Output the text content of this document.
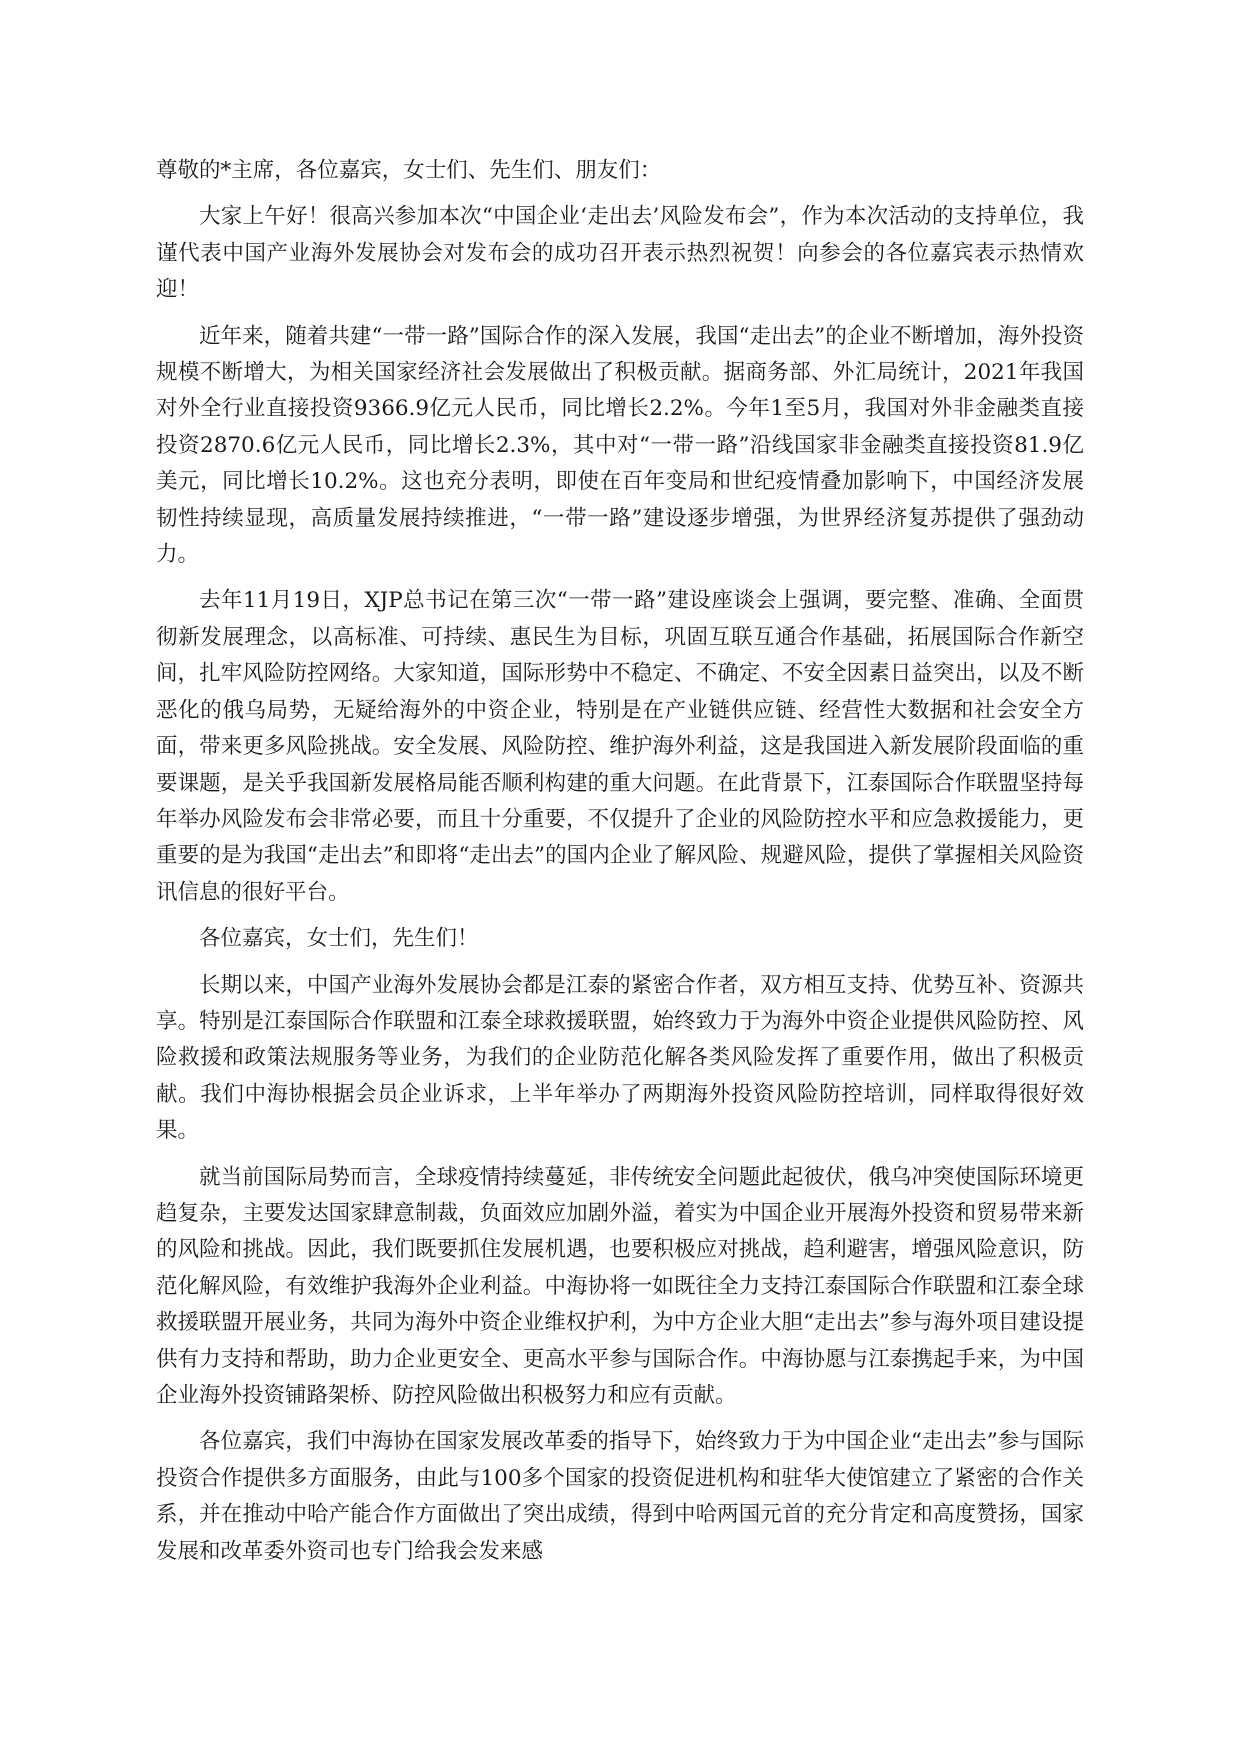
尊敬的*主席，各位嘉宾，女士们、先生们、朋友们：

大家上午好！很高兴参加本次“中国企业‘走出去’风险发布会”，作为本次活动的支持单位，我谨代表中国产业海外发展协会对发布会的成功召开表示热烈祝贺！向参会的各位嘉宾表示热情欢迎！

近年来，随着共建“一带一路”国际合作的深入发展，我国“走出去”的企业不断增加，海外投资规模不断增大，为相关国家经济社会发展做出了积极贡献。据商务部、外汇局统计，2021年我国对外全行业直接投资9366.9亿元人民币，同比增长2.2%。今年1至5月，我国对外非金融类直接投资2870.6亿元人民币，同比增长2.3%，其中对“一带一路”沿线国家非金融类直接投资81.9亿美元，同比增长10.2%。这也充分表明，即使在百年变局和世纪疫情叠加影响下，中国经济发展韧性持续显现，高质量发展持续推进，“一带一路”建设逐步增强，为世界经济复苏提供了强劲动力。

去年11月19日，XJP总书记在第三次“一带一路”建设座谈会上强调，要完整、准确、全面贯彻新发展理念，以高标准、可持续、惠民生为目标，巩固互联互通合作基础，拓展国际合作新空间，扎牢风险防控网络。大家知道，国际形势中不稳定、不确定、不安全因素日益突出，以及不断恶化的俄乌局势，无疑给海外的中资企业，特别是在产业链供应链、经营性大数据和社会安全方面，带来更多风险挑战。安全发展、风险防控、维护海外利益，这是我国进入新发展阶段面临的重要课题，是关乎我国新发展格局能否顺利构建的重大问题。在此背景下，江泰国际合作联盟坚持每年举办风险发布会非常必要，而且十分重要，不仅提升了企业的风险防控水平和应急救援能力，更重要的是为我国“走出去”和即将“走出去”的国内企业了解风险、规避风险，提供了掌握相关风险资讯信息的很好平台。

各位嘉宾，女士们，先生们！

长期以来，中国产业海外发展协会都是江泰的紧密合作者，双方相互支持、优势互补、资源共享。特别是江泰国际合作联盟和江泰全球救援联盟，始终致力于为海外中资企业提供风险防控、风险救援和政策法规服务等业务，为我们的企业防范化解各类风险发挥了重要作用，做出了积极贡献。我们中海协根据会员企业诉求，上半年举办了两期海外投资风险防控培训，同样取得很好效果。

就当前国际局势而言，全球疫情持续蔓延，非传统安全问题此起彼伏，俄乌冲突使国际环境更趋复杂，主要发达国家肆意制裁，负面效应加剧外溢，着实为中国企业开展海外投资和贸易带来新的风险和挑战。因此，我们既要抓住发展机遇，也要积极应对挑战，趋利避害，增强风险意识，防范化解风险，有效维护我海外企业利益。中海协将一如既往全力支持江泰国际合作联盟和江泰全球救援联盟开展业务，共同为海外中资企业维权护利，为中方企业大胆“走出去”参与海外项目建设提供有力支持和帮助，助力企业更安全、更高水平参与国际合作。中海协愿与江泰携起手来，为中国企业海外投资铺路架桥、防控风险做出积极努力和应有贡献。

各位嘉宾，我们中海协在国家发展改革委的指导下，始终致力于为中国企业“走出去”参与国际投资合作提供多方面服务，由此与100多个国家的投资促进机构和驻华大使馆建立了紧密的合作关系，并在推动中哈产能合作方面做出了突出成绩，得到中哈两国元首的充分肯定和高度赞扬，国家发展和改革委外资司也专门给我会发来感
